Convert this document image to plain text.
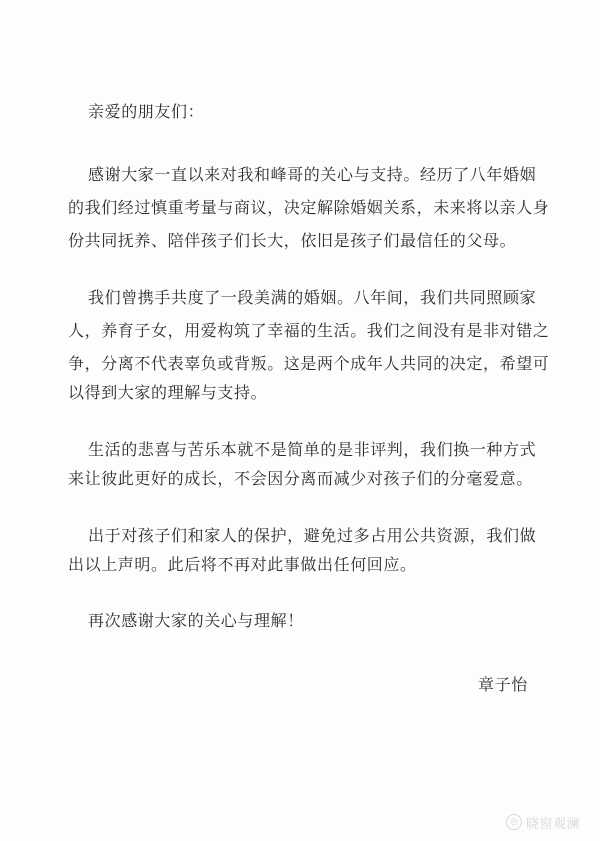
亲爱的朋友们：
感谢大家一直以来对我和峰哥的关心与支持。经历了八年婚姻
的我们经过慎重考量与商议，决定解除婚姻关系，未来将以亲人身
份共同抚养、陪伴孩子们长大，依旧是孩子们最信任的父母。
我们曾携手共度了一段美满的婚姻。八年间，我们共同照顾家
人，养育子女，用爱构筑了幸福的生活。我们之间没有是非对错之
争，分离不代表辜负或背叛。这是两个成年人共同的决定，希望可
以得到大家的理解与支持。
生活的悲喜与苦乐本就不是简单的是非评判，我们换一种方式
来让彼此更好的成长，不会因分离而减少对孩子们的分毫爱意。
出于对孩子们和家人的保护，避免过多占用公共资源，我们做
出以上声明。此后将不再对此事做出任何回应。
再次感谢大家的关心与理解！
章子怡
◎ 晓窗观澜
